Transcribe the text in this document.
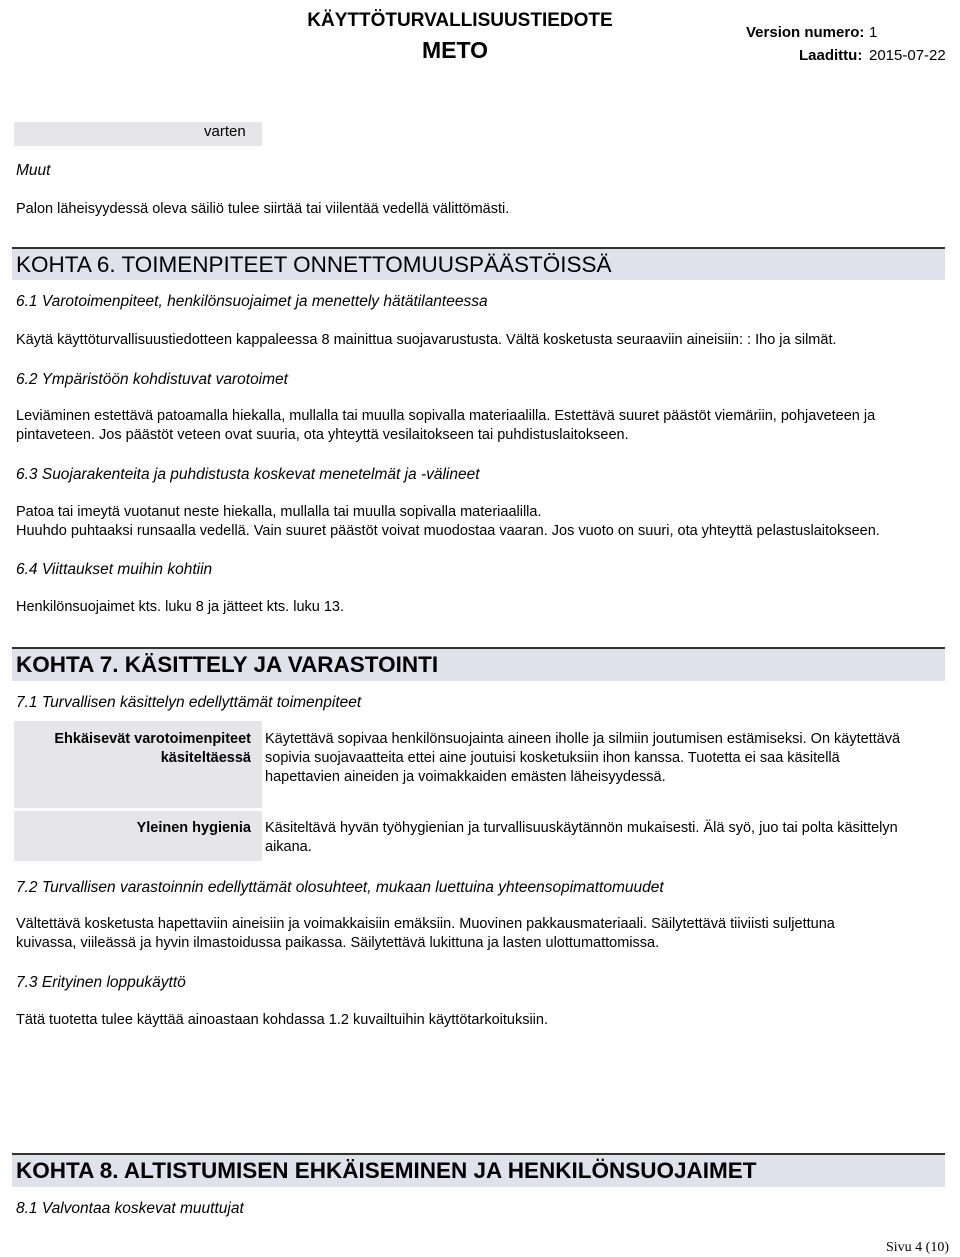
KÄYTTÖTURVALLISUUSTIEDOTE
METO
Version numero: 1
Laadittu: 2015-07-22
varten
Muut
Palon läheisyydessä oleva säiliö tulee siirtää tai viilentää vedellä välittömästi.
KOHTA 6. TOIMENPITEET ONNETTOMUUSPÄÄSTÖISSÄ
6.1 Varotoimenpiteet, henkilönsuojaimet ja menettely hätätilanteessa
Käytä käyttöturvallisuustiedotteen kappaleessa 8 mainittua suojavarustusta. Vältä kosketusta seuraaviin aineisiin: : Iho ja silmät.
6.2 Ympäristöön kohdistuvat varotoimet
Leviäminen estettävä patoamalla hiekalla, mullalla tai muulla sopivalla materiaalilla. Estettävä suuret päästöt viemäriin, pohjaveteen ja
pintaveteen. Jos päästöt veteen ovat suuria, ota yhteyttä vesilaitokseen tai puhdistuslaitokseen.
6.3 Suojarakenteita ja puhdistusta koskevat menetelmät ja -välineet
Patoa tai imeytä vuotanut neste hiekalla, mullalla tai muulla sopivalla materiaalilla.
Huuhdo puhtaaksi runsaalla vedellä. Vain suuret päästöt voivat muodostaa vaaran. Jos vuoto on suuri, ota yhteyttä pelastuslaitokseen.
6.4 Viittaukset muihin kohtiin
Henkilönsuojaimet kts. luku 8 ja jätteet kts. luku 13.
KOHTA 7. KÄSITTELY JA VARASTOINTI
7.1 Turvallisen käsittelyn edellyttämät toimenpiteet
Ehkäisevät varotoimenpiteet
käsiteltäessä
Käytettävä sopivaa henkilönsuojainta aineen iholle ja silmiin joutumisen estämiseksi. On käytettävä
sopivia suojavaatteita ettei aine joutuisi kosketuksiin ihon kanssa. Tuotetta ei saa käsitellä
hapettavien aineiden ja voimakkaiden emästen läheisyydessä.
Yleinen hygienia Käsiteltävä hyvän työhygienian ja turvallisuuskäytännön mukaisesti. Älä syö, juo tai polta käsittelyn
aikana.
7.2 Turvallisen varastoinnin edellyttämät olosuhteet, mukaan luettuina yhteensopimattomuudet
Vältettävä kosketusta hapettaviin aineisiin ja voimakkaisiin emäksiin. Muovinen pakkausmateriaali. Säilytettävä tiiviisti suljettuna
kuivassa, viileässä ja hyvin ilmastoidussa paikassa. Säilytettävä lukittuna ja lasten ulottumattomissa.
7.3 Erityinen loppukäyttö
Tätä tuotetta tulee käyttää ainoastaan kohdassa 1.2 kuvailtuihin käyttötarkoituksiin.
KOHTA 8. ALTISTUMISEN EHKÄISEMINEN JA HENKILÖNSUOJAIMET
8.1 Valvontaa koskevat muuttujat
Sivu 4 (10)
